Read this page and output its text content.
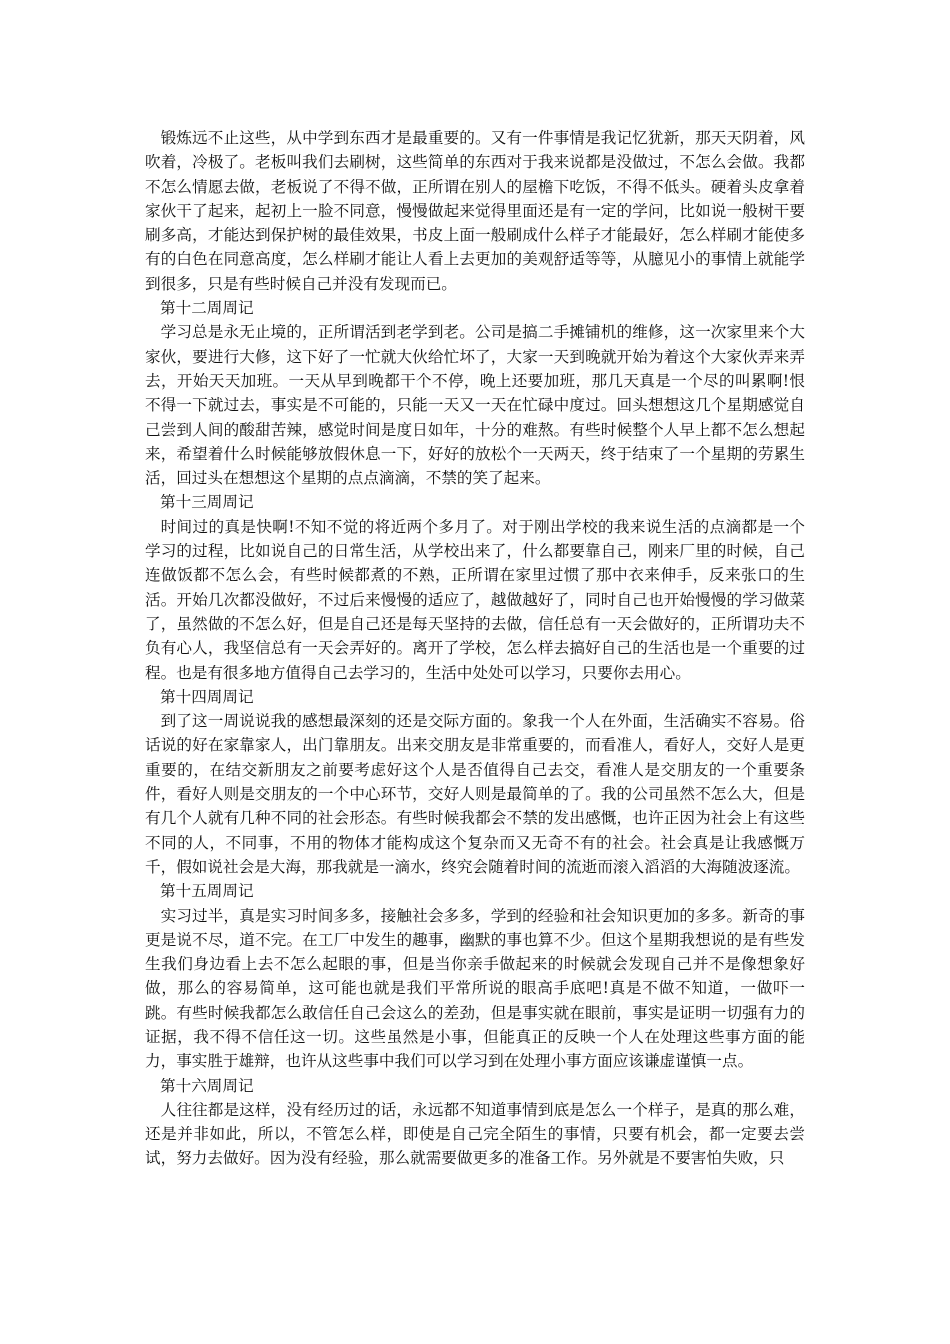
锻炼远不止这些，从中学到东西才是最重要的。又有一件事情是我记忆犹新，那天天阴着，风吹着，冷极了。老板叫我们去刷树，这些简单的东西对于我来说都是没做过，不怎么会做。我都不怎么情愿去做，老板说了不得不做，正所谓在别人的屋檐下吃饭，不得不低头。硬着头皮拿着家伙干了起来，起初上一脸不同意，慢慢做起来觉得里面还是有一定的学问，比如说一般树干要刷多高，才能达到保护树的最佳效果，书皮上面一般刷成什么样子才能最好，怎么样刷才能使多有的白色在同意高度，怎么样刷才能让人看上去更加的美观舒适等等，从臆见小的事情上就能学到很多，只是有些时候自己并没有发现而已。

第十二周周记

学习总是永无止境的，正所谓活到老学到老。公司是搞二手摊铺机的维修，这一次家里来个大家伙，要进行大修，这下好了一忙就大伙给忙坏了，大家一天到晚就开始为着这个大家伙弄来弄去，开始天天加班。一天从早到晚都干个不停，晚上还要加班，那几天真是一个尽的叫累啊!恨不得一下就过去，事实是不可能的，只能一天又一天在忙碌中度过。回头想想这几个星期感觉自己尝到人间的酸甜苦辣，感觉时间是度日如年，十分的难熬。有些时候整个人早上都不怎么想起来，希望着什么时候能够放假休息一下，好好的放松个一天两天，终于结束了一个星期的劳累生活，回过头在想想这个星期的点点滴滴，不禁的笑了起来。

第十三周周记

时间过的真是快啊!不知不觉的将近两个多月了。对于刚出学校的我来说生活的点滴都是一个学习的过程，比如说自己的日常生活，从学校出来了，什么都要靠自己，刚来厂里的时候，自己连做饭都不怎么会，有些时候都煮的不熟，正所谓在家里过惯了那中衣来伸手，反来张口的生活。开始几次都没做好，不过后来慢慢的适应了，越做越好了，同时自己也开始慢慢的学习做菜了，虽然做的不怎么好，但是自己还是每天坚持的去做，信任总有一天会做好的，正所谓功夫不负有心人，我坚信总有一天会弄好的。离开了学校，怎么样去搞好自己的生活也是一个重要的过程。也是有很多地方值得自己去学习的，生活中处处可以学习，只要你去用心。

第十四周周记

到了这一周说说我的感想最深刻的还是交际方面的。象我一个人在外面，生活确实不容易。俗话说的好在家靠家人，出门靠朋友。出来交朋友是非常重要的，而看准人，看好人，交好人是更重要的，在结交新朋友之前要考虑好这个人是否值得自己去交，看准人是交朋友的一个重要条件，看好人则是交朋友的一个中心环节，交好人则是最简单的了。我的公司虽然不怎么大，但是有几个人就有几种不同的社会形态。有些时候我都会不禁的发出感慨，也许正因为社会上有这些不同的人，不同事，不用的物体才能构成这个复杂而又无奇不有的社会。社会真是让我感慨万千，假如说社会是大海，那我就是一滴水，终究会随着时间的流逝而滚入滔滔的大海随波逐流。

第十五周周记

实习过半，真是实习时间多多，接触社会多多，学到的经验和社会知识更加的多多。新奇的事更是说不尽，道不完。在工厂中发生的趣事，幽默的事也算不少。但这个星期我想说的是有些发生我们身边看上去不怎么起眼的事，但是当你亲手做起来的时候就会发现自己并不是像想象好做，那么的容易简单，这可能也就是我们平常所说的眼高手底吧!真是不做不知道，一做吓一跳。有些时候我都怎么敢信任自己会这么的差劲，但是事实就在眼前，事实是证明一切强有力的证据，我不得不信任这一切。这些虽然是小事，但能真正的反映一个人在处理这些事方面的能力，事实胜于雄辩，也许从这些事中我们可以学习到在处理小事方面应该谦虚谨慎一点。

第十六周周记

人往往都是这样，没有经历过的话，永远都不知道事情到底是怎么一个样子，是真的那么难，还是并非如此，所以，不管怎么样，即使是自己完全陌生的事情，只要有机会，都一定要去尝试，努力去做好。因为没有经验，那么就需要做更多的准备工作。另外就是不要害怕失败，只
